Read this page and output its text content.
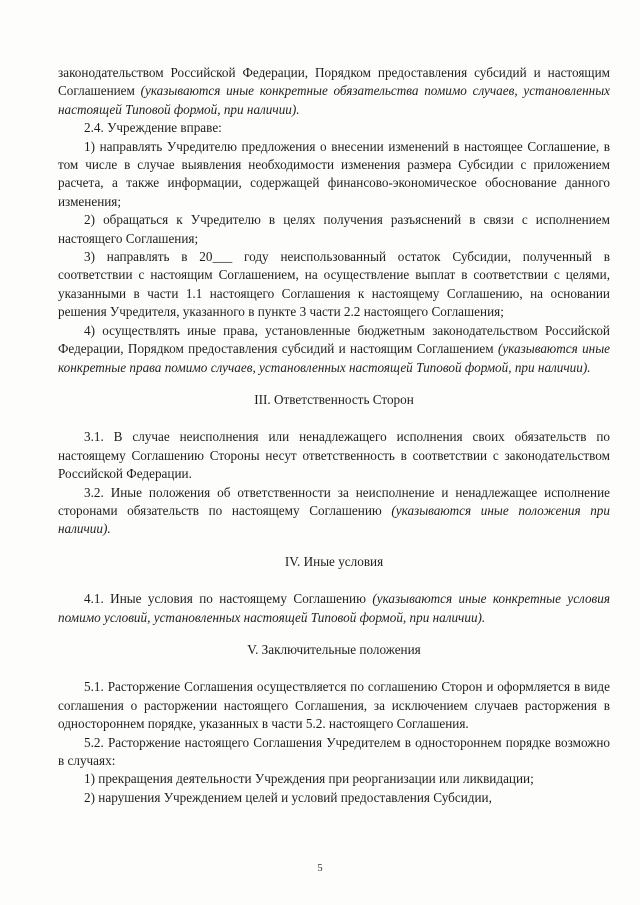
законодательством Российской Федерации, Порядком предоставления субсидий и настоящим Соглашением (указываются иные конкретные обязательства помимо случаев, установленных настоящей Типовой формой, при наличии).

2.4. Учреждение вправе:

1) направлять Учредителю предложения о внесении изменений в настоящее Соглашение, в том числе в случае выявления необходимости изменения размера Субсидии с приложением расчета, а также информации, содержащей финансово-экономическое обоснование данного изменения;

2) обращаться к Учредителю в целях получения разъяснений в связи с исполнением настоящего Соглашения;

3) направлять в 20___ году неиспользованный остаток Субсидии, полученный в соответствии с настоящим Соглашением, на осуществление выплат в соответствии с целями, указанными в части 1.1 настоящего Соглашения к настоящему Соглашению, на основании решения Учредителя, указанного в пункте 3 части 2.2 настоящего Соглашения;

4) осуществлять иные права, установленные бюджетным законодательством Российской Федерации, Порядком предоставления субсидий и настоящим Соглашением (указываются иные конкретные права помимо случаев, установленных настоящей Типовой формой, при наличии).

III. Ответственность Сторон

3.1. В случае неисполнения или ненадлежащего исполнения своих обязательств по настоящему Соглашению Стороны несут ответственность в соответствии с законодательством Российской Федерации.

3.2. Иные положения об ответственности за неисполнение и ненадлежащее исполнение сторонами обязательств по настоящему Соглашению (указываются иные положения при наличии).

IV. Иные условия

4.1. Иные условия по настоящему Соглашению (указываются иные конкретные условия помимо условий, установленных настоящей Типовой формой, при наличии).

V. Заключительные положения

5.1. Расторжение Соглашения осуществляется по соглашению Сторон и оформляется в виде соглашения о расторжении настоящего Соглашения, за исключением случаев расторжения в одностороннем порядке, указанных в части 5.2. настоящего Соглашения.

5.2. Расторжение настоящего Соглашения Учредителем в одностороннем порядке возможно в случаях:

1) прекращения деятельности Учреждения при реорганизации или ликвидации;

2) нарушения Учреждением целей и условий предоставления Субсидии,

5
